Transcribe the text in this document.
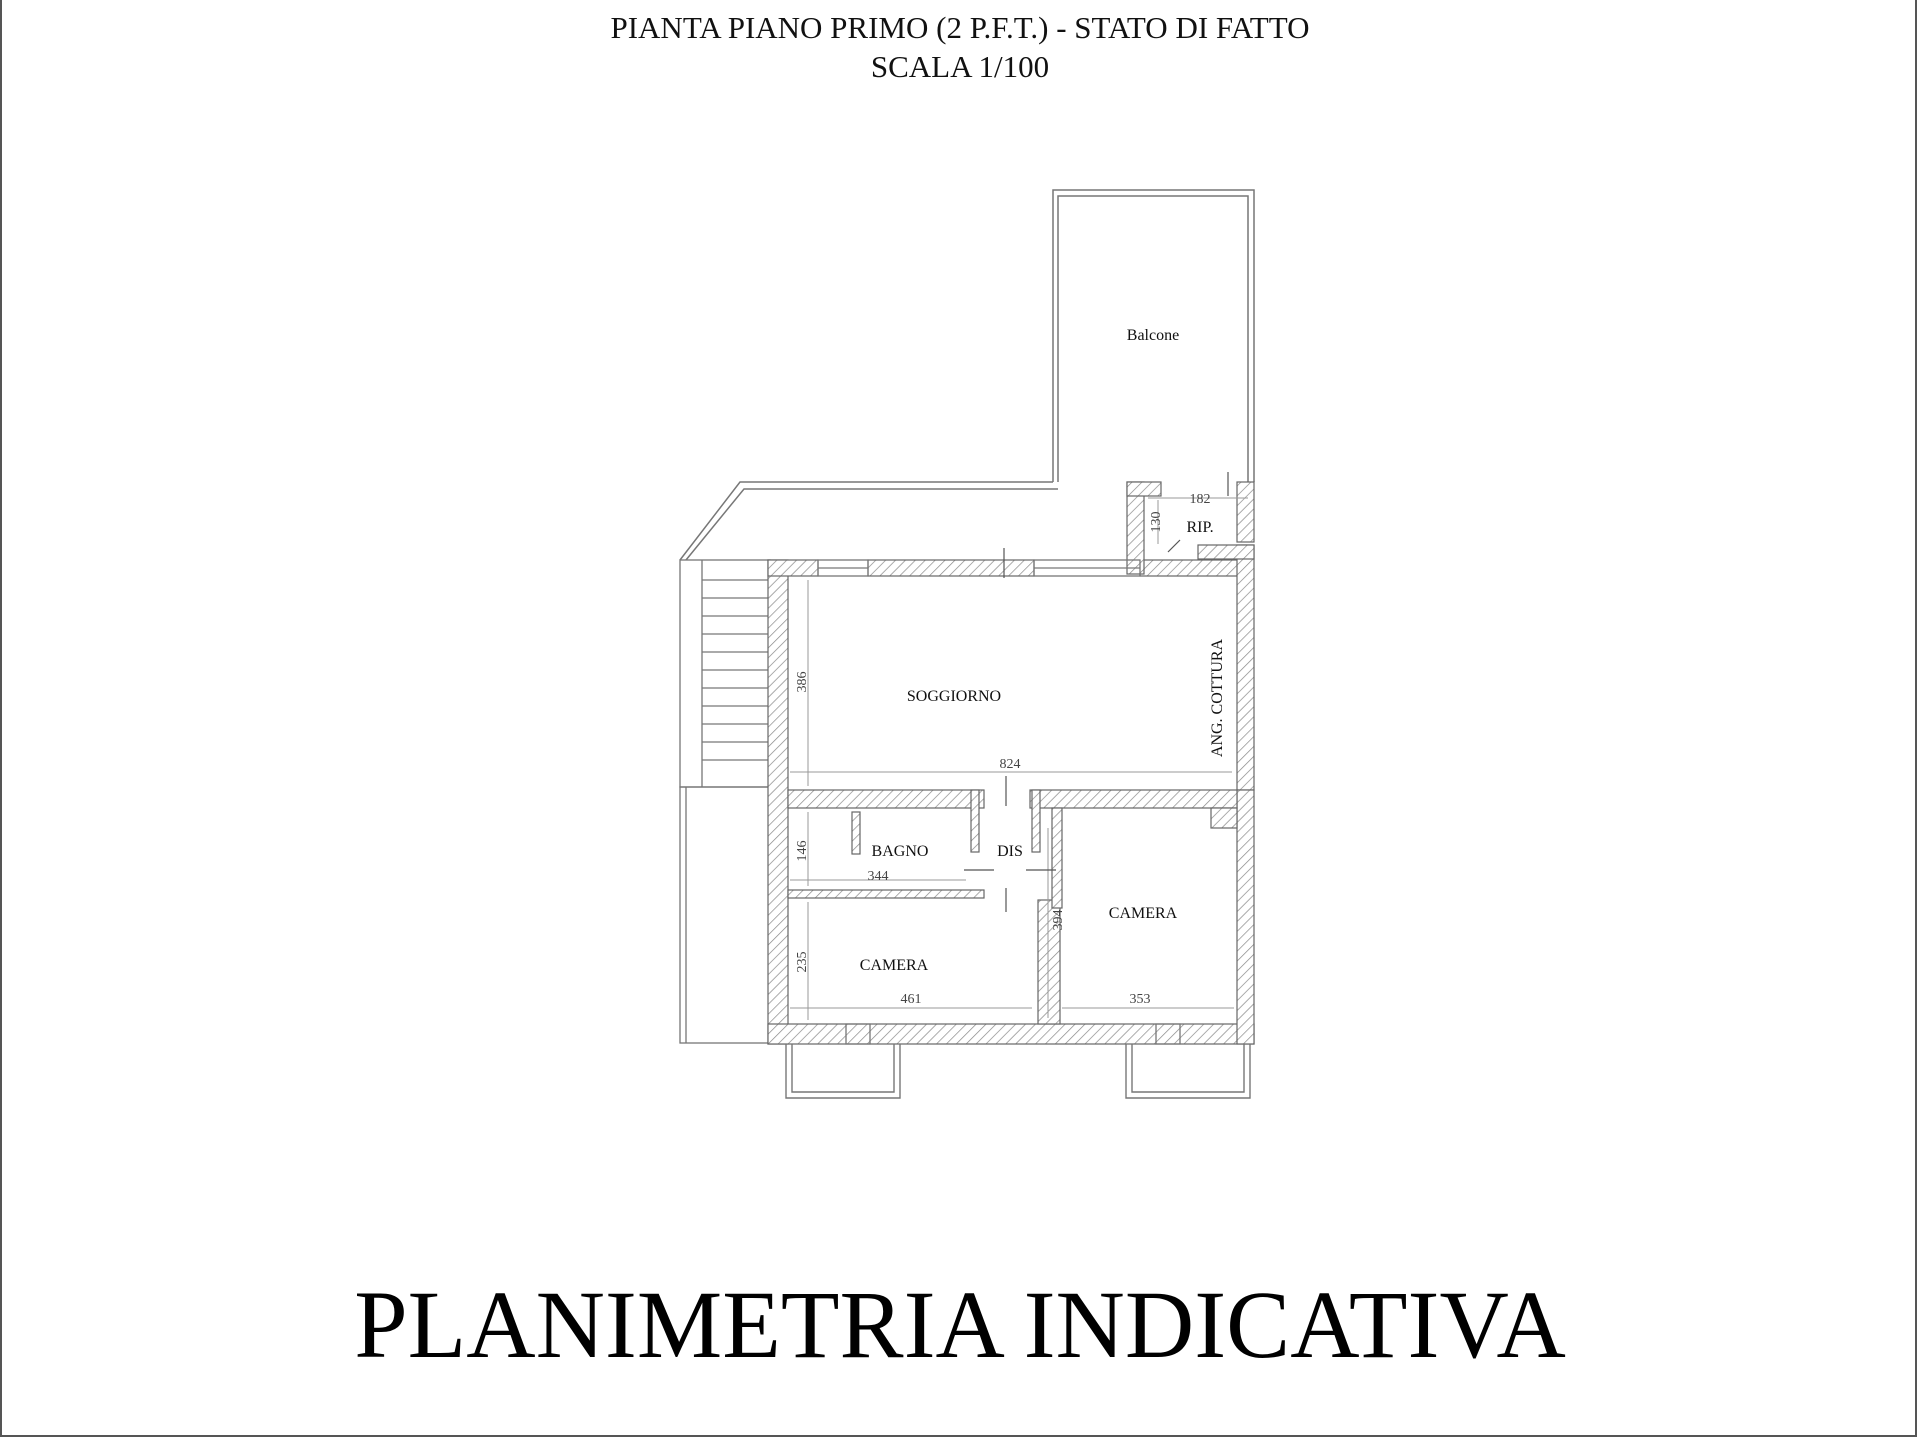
PIANTA PIANO PRIMO (2 P.F.T.) - STATO DI FATTO
SCALA 1/100
Balcone
RIP.
SOGGIORNO	ANG. COTTURA
BAGNO	DIS
CAMERA
CAMERA
182
130
386
824
146
344
394
235
461	353
PLANIMETRIA INDICATIVA
